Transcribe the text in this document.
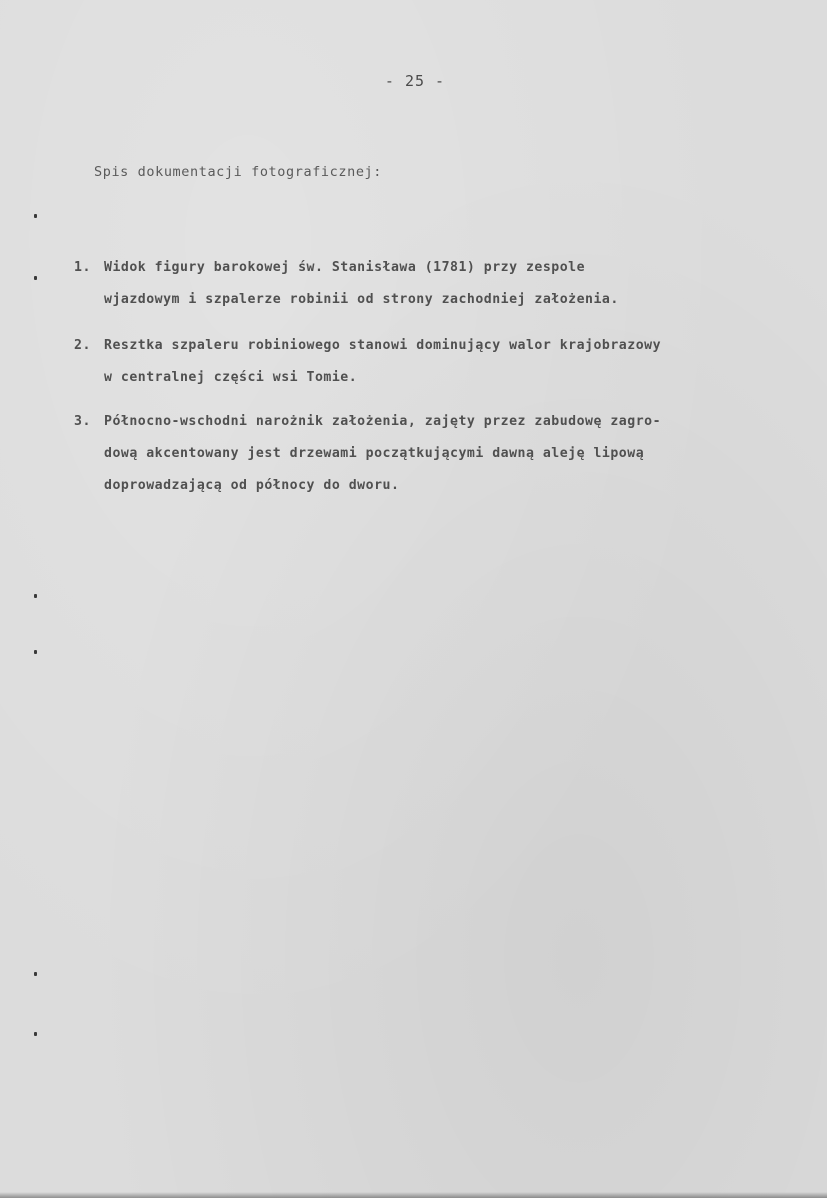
- 25 -
Spis dokumentacji fotograficznej:
1. Widok figury barokowej św. Stanisława (1781) przy zespole
wjazdowym i szpalerze robinii od strony zachodniej założenia.
2. Resztka szpaleru robiniowego stanowi dominujący walor krajobrazowy
w centralnej części wsi Tomie.
3. Północno-wschodni narożnik założenia, zajęty przez zabudowę zagro-
dową akcentowany jest drzewami początkującymi dawną aleję lipową
doprowadzającą od północy do dworu.
